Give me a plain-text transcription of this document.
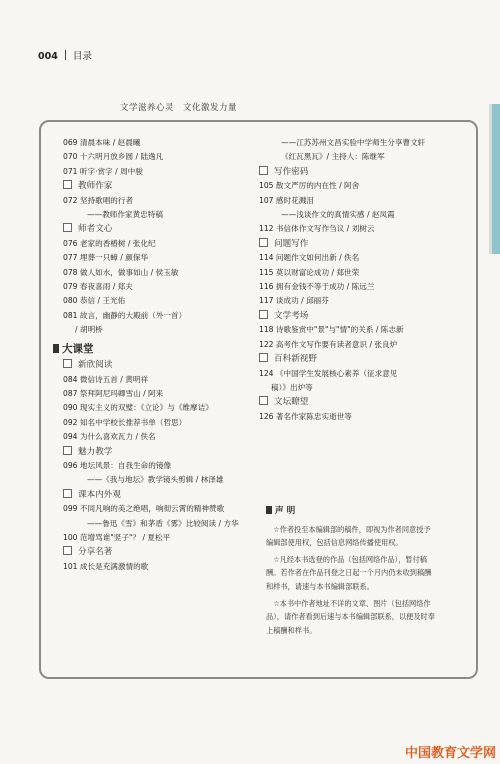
004 目录
文学滋养心灵　文化激发力量
069 清晨本味 / 赵晨曦
070 十六明月放乡圆 / 陆逸凡
071 听字·赏字 / 周中骏
教师作家
072 坚持歌唱的行者
——教师作家黄忠特稿
师者文心
076 老家的香椿树 / 张化纪
077 埋葬一只蟑 / 颜保华
078 做人如水，做事如山 / 侯玉敏
079 春夜喜雨 / 郑夫
080 恭信 / 王光佑
081 故言，幽静的大殿前（外一首）
/ 胡明桥
大课堂
新欣阅读
084 微信诗五首 / 黄明祥
087 祭拜阿尼玛卿雪山 / 阿来
090 现实主义的双璧：《立论》与《维摩诘》
092 知名中学校长推荐书单（哲思）
094 为什么喜欢瓦力 / 佚名
魅力教学
096 地坛风景：自我生命的镜像
——《我与地坛》教学镜头剪辑 / 林泽雄
课本内外观
099 不同凡响的美之绝唱，响彻云霄的精神赞歌
——鲁迅《雪》和茅盾《雾》比较阅读 / 方华
100 范增骂谁"竖子"？ / 夏松平
分享名著
101 成长是充满激情的歌
——江苏苏州文昌实验中学师生分享曹文轩
《红瓦黑瓦》/ 主持人：陈继军
写作密码
105 散文严厉的内在性 / 阿舍
107 感时花溅泪
——浅谈作文的真情实感 / 赵凤霞
112 书信体作文写作刍议 / 刘树云
问题写作
114 问题作文如何出新 / 佚名
115 莫以财富论成功 / 郑世荣
116 拥有金钱不等于成功 / 陈远兰
117 谈成功 / 邱丽芬
文学考场
118 诗歌鉴赏中"景"与"情"的关系 / 陈志新
122 高考作文写作要有读者意识 / 张良炉
百科新视野
124 《中国学生发展核心素养（征求意见
稿）》出炉等
文坛瞭望
126 著名作家陈忠实逝世等
声 明

☆作者投至本编辑部的稿件，即视为作者同意授予编辑部使用权，包括信息网络传播使用权。

☆凡经本书选登的作品（包括网络作品），暂付稿酬。若作者在作品刊登之日起一个月内仍未收到稿酬和样书，请速与本书编辑部联系。

☆本书中作者地址不详的文章、图片（包括网络作品），请作者看到后速与本书编辑部联系，以便及时奉上稿酬和样书。

中国教育文学网
